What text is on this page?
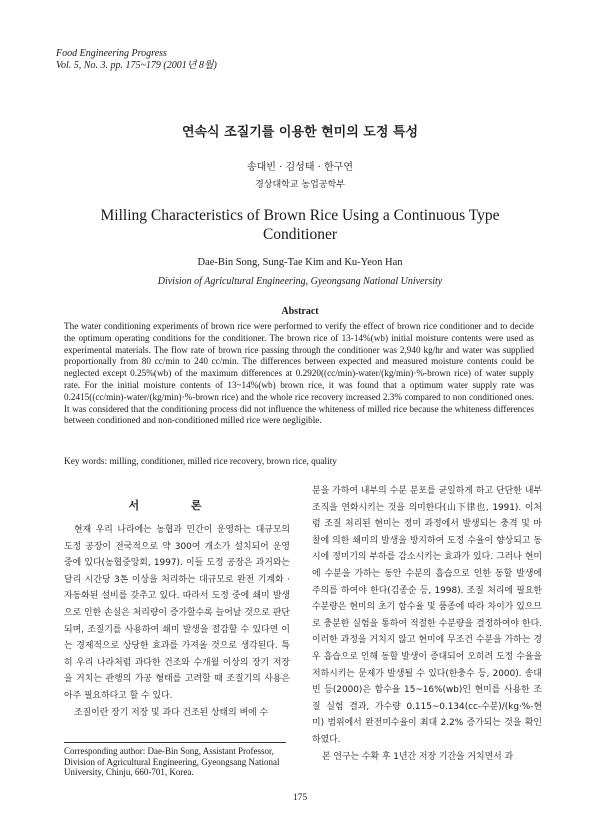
Food Engineering Progress
Vol. 5, No. 3. pp. 175~179 (2001년 8월)
연속식 조질기를 이용한 현미의 도정 특성
송대빈 · 김성태 · 한구연
경상대학교 농업공학부
Milling Characteristics of Brown Rice Using a Continuous Type Conditioner
Dae-Bin Song, Sung-Tae Kim and Ku-Yeon Han
Division of Agricultural Engineering, Gyeongsang National University
Abstract
The water conditioning experiments of brown rice were performed to verify the effect of brown rice conditioner and to decide the optimum operating conditions for the conditioner. The brown rice of 13-14%(wb) initial moisture contents were used as experimental materials. The flow rate of brown rice passing through the conditioner was 2,940 kg/hr and water was supplied proportionally from 80 cc/min to 240 cc/min. The differences between expected and measured moisture contents could be neglected except 0.25%(wb) of the maximum differences at 0.2920((cc/min)-water/(kg/min)·%-brown rice) of water supply rate. For the initial moisture contents of 13~14%(wb) brown rice, it was found that a optimum water supply rate was 0.2415((cc/min)-water/(kg/min)·%-brown rice) and the whole rice recovery increased 2.3% compared to non conditioned ones. It was considered that the conditioning process did not influence the whiteness of milled rice because the whiteness differences between conditioned and non-conditioned milled rice were negligible.
Key words: milling, conditioner, milled rice recovery, brown rice, quality
서 론

현재 우리 나라에는 농협과 민간이 운영하는 대규모의 도정 공장이 전국적으로 약 300여 개소가 설치되어 운영 중에 있다(농협중앙회, 1997). 이들 도정 공장은 과거와는 달리 시간당 3톤 이상을 처리하는 대규모로 완전 기계화 · 자동화된 설비를 갖추고 있다. 따라서 도정 중에 쇄미 발생으로 인한 손실은 처리량이 증가할수록 늘어날 것으로 판단되며, 조질기를 사용하여 쇄미 발생을 절감할 수 있다면 이는 경제적으로 상당한 효과를 가져올 것으로 생각된다. 특히 우리 나라처럼 과다한 건조와 수개월 이상의 장기 저장을 거치는 관행의 가공 형태를 고려할 때 조질기의 사용은 아주 필요하다고 할 수 있다.

조질이란 장기 저장 및 과다 건조된 상태의 벼에 수

분을 가하여 내부의 수분 분포를 균일하게 하고 단단한 내부 조직을 연화시키는 것을 의미한다(山下律也, 1991). 이처럼 조질 처리된 현미는 정미 과정에서 발생되는 충격 및 마찰에 의한 쇄미의 발생을 방지하여 도정 수율이 향상되고 동시에 정미기의 부하를 감소시키는 효과가 있다. 그러나 현미에 수분을 가하는 동안 수분의 흡습으로 인한 동할 발생에 주의를 하여야 한다(김종순 등, 1998). 조질 처리에 필요한 수분량은 현미의 초기 함수율 및 품종에 따라 차이가 있으므로 충분한 실험을 통하여 적절한 수분량을 결정하여야 한다. 이러한 과정을 거치지 않고 현미에 무조건 수분을 가하는 경우 흡습으로 인해 동할 발생이 증대되어 오히려 도정 수율을 저하시키는 문제가 발생될 수 있다(한충수 등, 2000). 송대빈 등(2000)은 함수율 15~16%(wb)인 현미를 사용한 조질 실험 결과, 가수량 0.115~0.134(cc-수분)/(kg·%-현미) 범위에서 완전미수율이 최대 2.2% 증가되는 것을 확인하였다.

본 연구는 수확 후 1년간 저장 기간을 거치면서 과

Corresponding author: Dae-Bin Song, Assistant Professor, Division of Agricultural Engineering, Gyeongsang National University, Chinju, 660-701, Korea.
175
